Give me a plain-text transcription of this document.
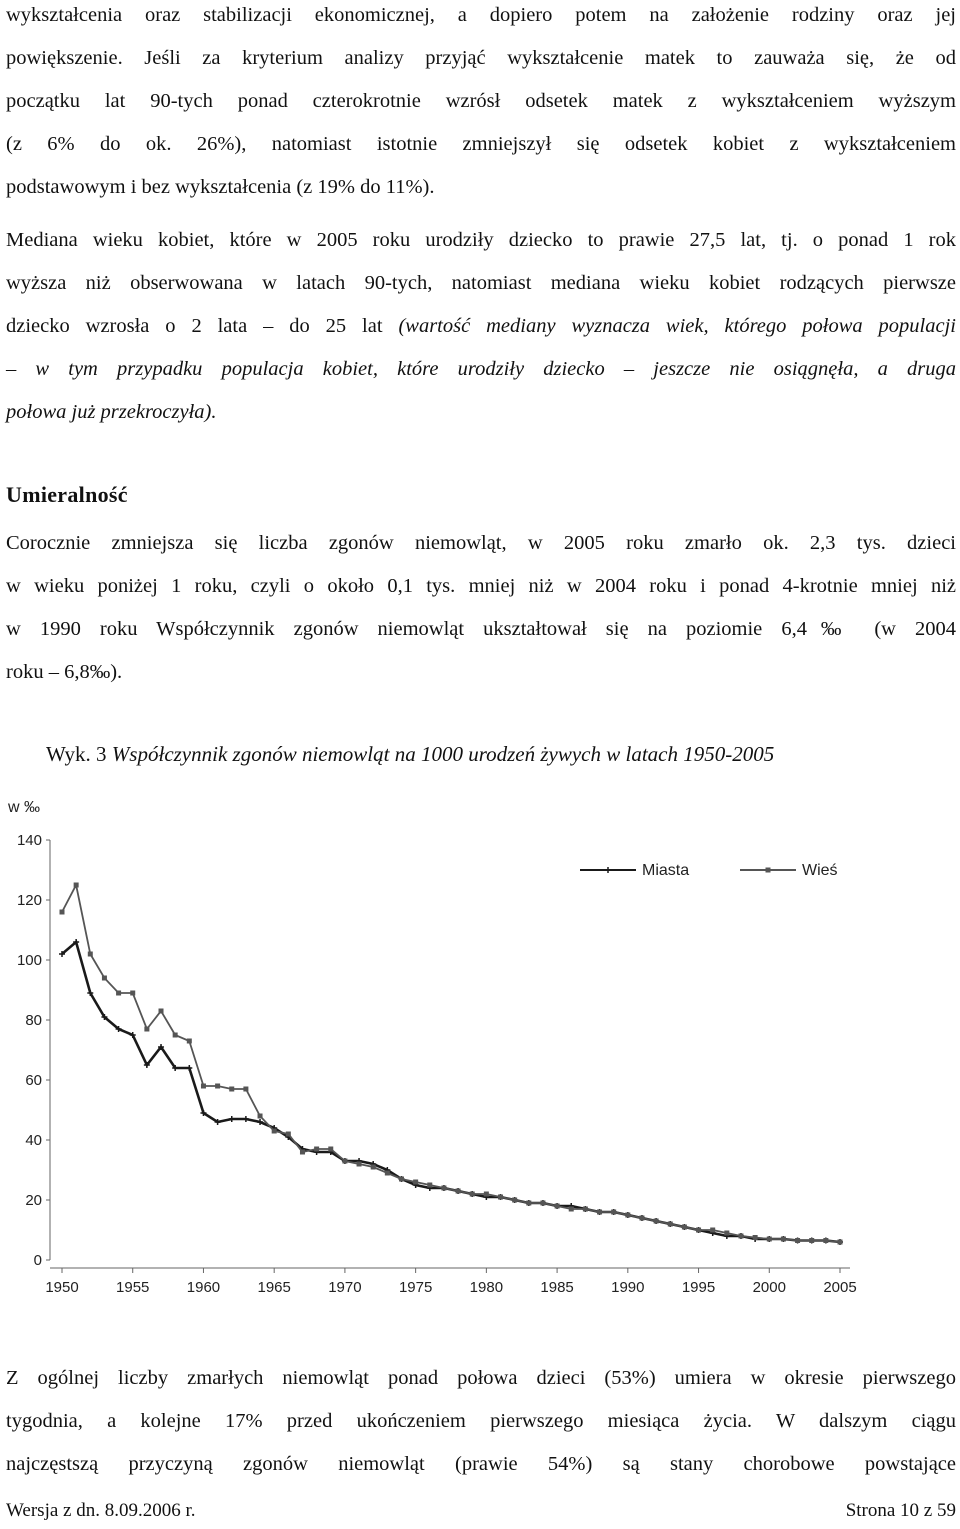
wykształcenia oraz stabilizacji ekonomicznej, a dopiero potem na założenie rodziny oraz jej
powiększenie. Jeśli za kryterium analizy przyjąć wykształcenie matek to zauważa się, że od
początku lat 90-tych ponad czterokrotnie wzrósł odsetek matek z wykształceniem wyższym
(z 6% do ok. 26%), natomiast istotnie zmniejszył się odsetek kobiet z wykształceniem
podstawowym i bez wykształcenia (z 19% do 11%).
Mediana wieku kobiet, które w 2005 roku urodziły dziecko to prawie 27,5 lat, tj. o ponad 1 rok
wyższa niż obserwowana w latach 90-tych, natomiast mediana wieku kobiet rodzących pierwsze
dziecko wzrosła o 2 lata – do 25 lat (wartość mediany wyznacza wiek, którego połowa populacji
– w tym przypadku populacja kobiet, które urodziły dziecko – jeszcze nie osiągnęła, a druga
połowa już przekroczyła).
Umieralność
Corocznie zmniejsza się liczba zgonów niemowląt, w 2005 roku zmarło ok. 2,3 tys. dzieci
w wieku poniżej 1 roku, czyli o około 0,1 tys. mniej niż w 2004 roku i ponad 4-krotnie mniej niż
w 1990 roku Współczynnik zgonów niemowląt ukształtował się na poziomie 6,4‰ (w 2004
roku – 6,8‰).
Wyk. 3 Współczynnik zgonów niemowląt na 1000 urodzeń żywych w latach 1950-2005
w ‰
0
20
40
60
80
100
120
140
1950 1955 1960 1965 1970 1975 1980 1985 1990 1995 2000 2005
Miasta	Wieś
Z ogólnej liczby zmarłych niemowląt ponad połowa dzieci (53%) umiera w okresie pierwszego
tygodnia, a kolejne 17% przed ukończeniem pierwszego miesiąca życia. W dalszym ciągu
najczęstszą przyczyną zgonów niemowląt (prawie 54%) są stany chorobowe powstające
Wersja z dn. 8.09.2006 r.	Strona 10 z 59
